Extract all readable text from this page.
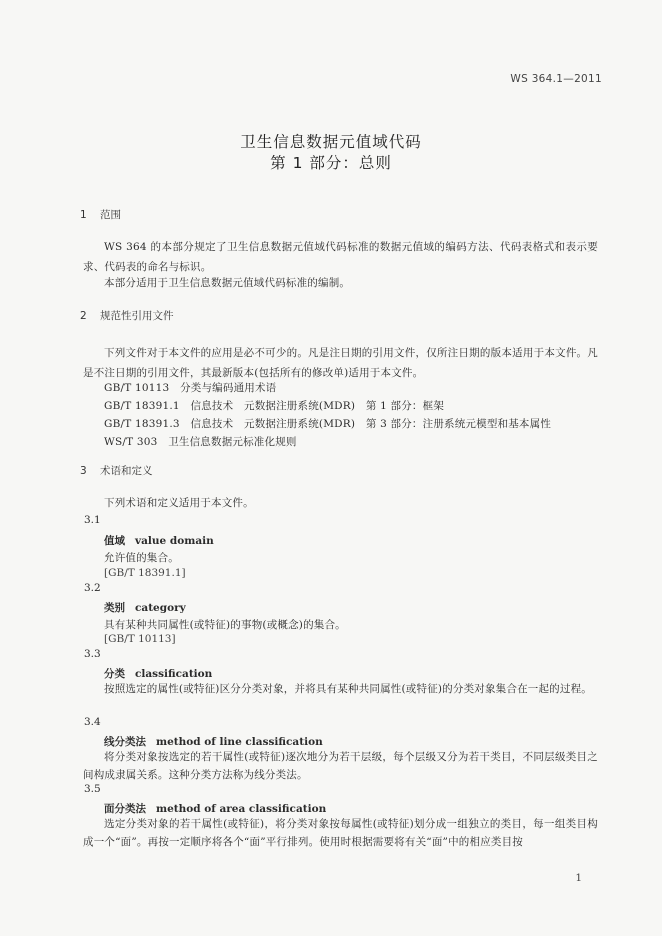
WS 364.1—2011
卫生信息数据元值域代码
第 1 部分：总则
1 范围
WS 364 的本部分规定了卫生信息数据元值域代码标准的数据元值域的编码方法、代码表格式和表示要求、代码表的命名与标识。
本部分适用于卫生信息数据元值域代码标准的编制。
2 规范性引用文件
下列文件对于本文件的应用是必不可少的。凡是注日期的引用文件，仅所注日期的版本适用于本文件。凡是不注日期的引用文件，其最新版本(包括所有的修改单)适用于本文件。
GB/T 10113　分类与编码通用术语
GB/T 18391.1　信息技术　元数据注册系统(MDR)　第 1 部分：框架
GB/T 18391.3　信息技术　元数据注册系统(MDR)　第 3 部分：注册系统元模型和基本属性
WS/T 303　卫生信息数据元标准化规则
3 术语和定义
下列术语和定义适用于本文件。
3.1
值域 value domain
允许值的集合。
[GB/T 18391.1]
3.2
类别 category
具有某种共同属性(或特征)的事物(或概念)的集合。
[GB/T 10113]
3.3
分类 classification
按照选定的属性(或特征)区分分类对象，并将具有某种共同属性(或特征)的分类对象集合在一起的过程。
3.4
线分类法 method of line classification
将分类对象按选定的若干属性(或特征)逐次地分为若干层级，每个层级又分为若干类目，不同层级类目之间构成隶属关系。这种分类方法称为线分类法。
3.5
面分类法 method of area classification
选定分类对象的若干属性(或特征)，将分类对象按每属性(或特征)划分成一组独立的类目，每一组类目构成一个“面”。再按一定顺序将各个“面”平行排列。使用时根据需要将有关“面”中的相应类目按
1
